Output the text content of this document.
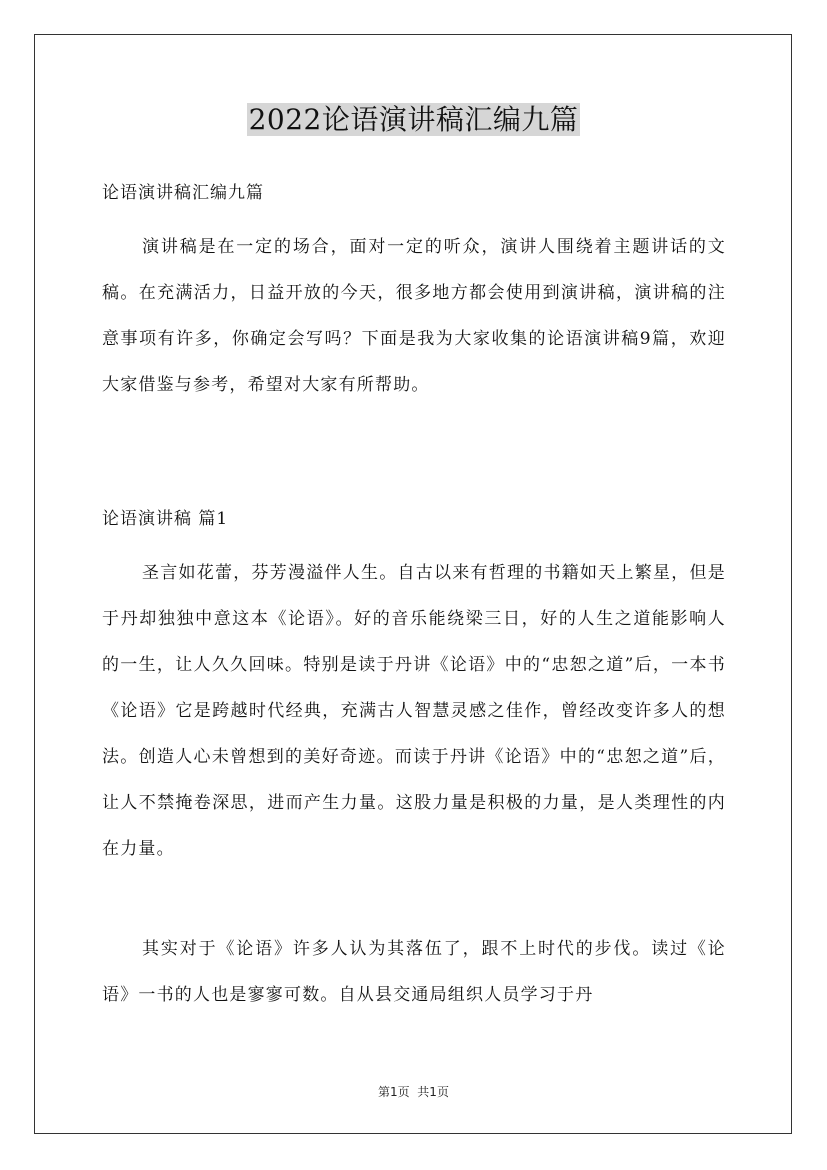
2022论语演讲稿汇编九篇
论语演讲稿汇编九篇

演讲稿是在一定的场合，面对一定的听众，演讲人围绕着主题讲话的文稿。在充满活力，日益开放的今天，很多地方都会使用到演讲稿，演讲稿的注意事项有许多，你确定会写吗？下面是我为大家收集的论语演讲稿9篇，欢迎大家借鉴与参考，希望对大家有所帮助。

论语演讲稿 篇1

圣言如花蕾，芬芳漫溢伴人生。自古以来有哲理的书籍如天上繁星，但是于丹却独独中意这本《论语》。好的音乐能绕梁三日，好的人生之道能影响人的一生，让人久久回味。特别是读于丹讲《论语》中的“忠恕之道”后，一本书《论语》它是跨越时代经典，充满古人智慧灵感之佳作，曾经改变许多人的想法。创造人心未曾想到的美好奇迹。而读于丹讲《论语》中的“忠恕之道”后，让人不禁掩卷深思，进而产生力量。这股力量是积极的力量，是人类理性的内在力量。

其实对于《论语》许多人认为其落伍了，跟不上时代的步伐。读过《论语》一书的人也是寥寥可数。自从县交通局组织人员学习于丹

第1页  共1页
